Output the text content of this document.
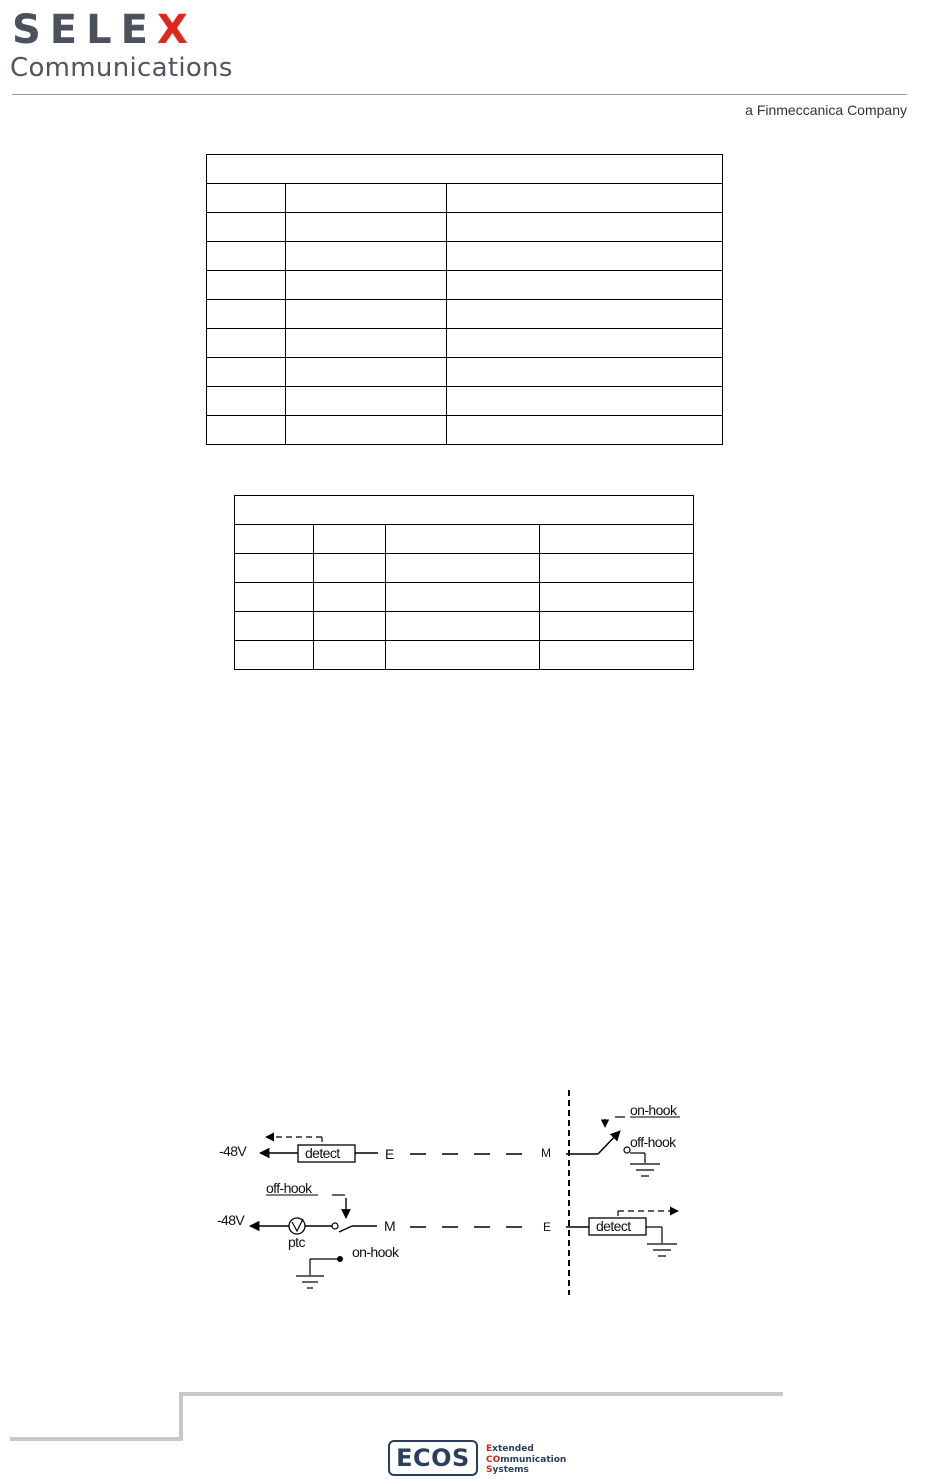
SELEX
Communications
a Finmeccanica Company

-48V	detect	E	M
on-hook
off-hook
off-hook
-48V
ptc
M	E	detect
on-hook
ECOS	Extended
COmmunication
Systems
